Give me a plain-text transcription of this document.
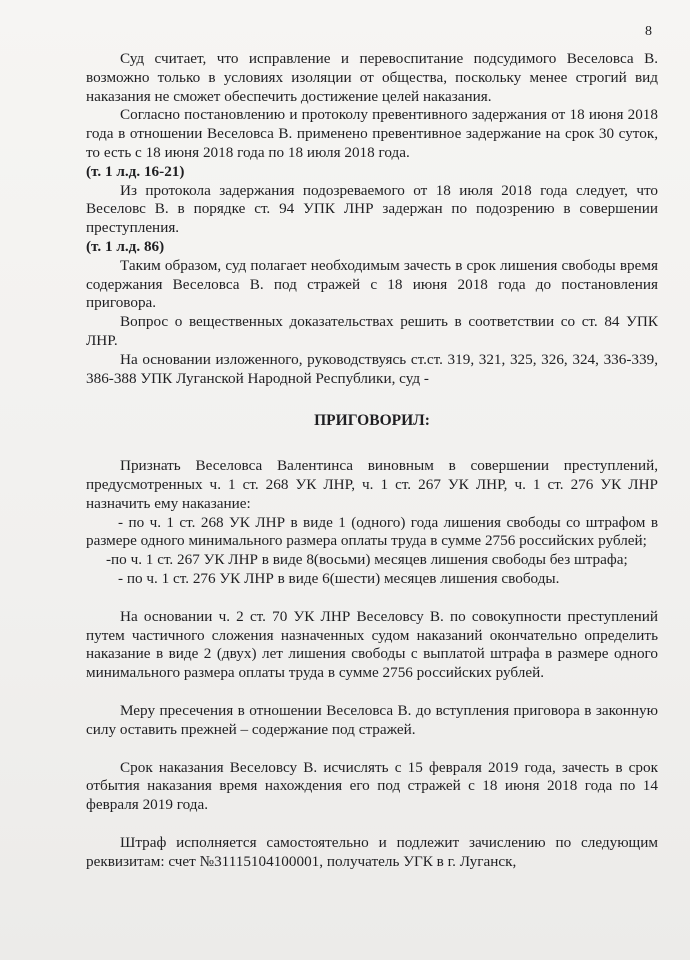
8

Суд считает, что исправление и перевоспитание подсудимого Веселовса В. возможно только в условиях изоляции от общества, поскольку менее строгий вид наказания не сможет обеспечить достижение целей наказания.

Согласно постановлению и протоколу превентивного задержания от 18 июня 2018 года в отношении Веселовса В. применено превентивное задержание на срок 30 суток, то есть с 18 июня 2018 года по 18 июля 2018 года.

(т. 1 л.д. 16-21)

Из протокола задержания подозреваемого от 18 июля 2018 года следует, что Веселовс В. в порядке ст. 94 УПК ЛНР задержан по подозрению в совершении преступления.

(т. 1 л.д. 86)

Таким образом, суд полагает необходимым зачесть в срок лишения свободы время содержания Веселовса В. под стражей с 18 июня 2018 года до постановления приговора.

Вопрос о вещественных доказательствах решить в соответствии со ст. 84 УПК ЛНР.

На основании изложенного, руководствуясь ст.ст. 319, 321, 325, 326, 324, 336-339, 386-388 УПК Луганской Народной Республики, суд -

ПРИГОВОРИЛ:

Признать Веселовса Валентинса виновным в совершении преступлений, предусмотренных ч. 1 ст. 268 УК ЛНР, ч. 1 ст. 267 УК ЛНР, ч. 1 ст. 276 УК ЛНР назначить ему наказание:

- по ч. 1 ст. 268 УК ЛНР в виде 1 (одного) года лишения свободы со штрафом в размере одного минимального размера оплаты труда в сумме 2756 российских рублей;

-по ч. 1 ст. 267 УК ЛНР в виде 8(восьми) месяцев лишения свободы без штрафа;

- по ч. 1 ст. 276 УК ЛНР в виде 6(шести) месяцев лишения свободы.

На основании ч. 2 ст. 70 УК ЛНР Веселовсу В. по совокупности преступлений путем частичного сложения назначенных судом наказаний окончательно определить наказание в виде 2 (двух) лет лишения свободы с выплатой штрафа в размере одного минимального размера оплаты труда в сумме 2756 российских рублей.

Меру пресечения в отношении Веселовса В. до вступления приговора в законную силу оставить прежней – содержание под стражей.

Срок наказания Веселовсу В. исчислять с 15 февраля 2019 года, зачесть в срок отбытия наказания время нахождения его под стражей с 18 июня 2018 года по 14 февраля 2019 года.

Штраф исполняется самостоятельно и подлежит зачислению по следующим реквизитам: счет №31115104100001, получатель УГК в г. Луганск,
